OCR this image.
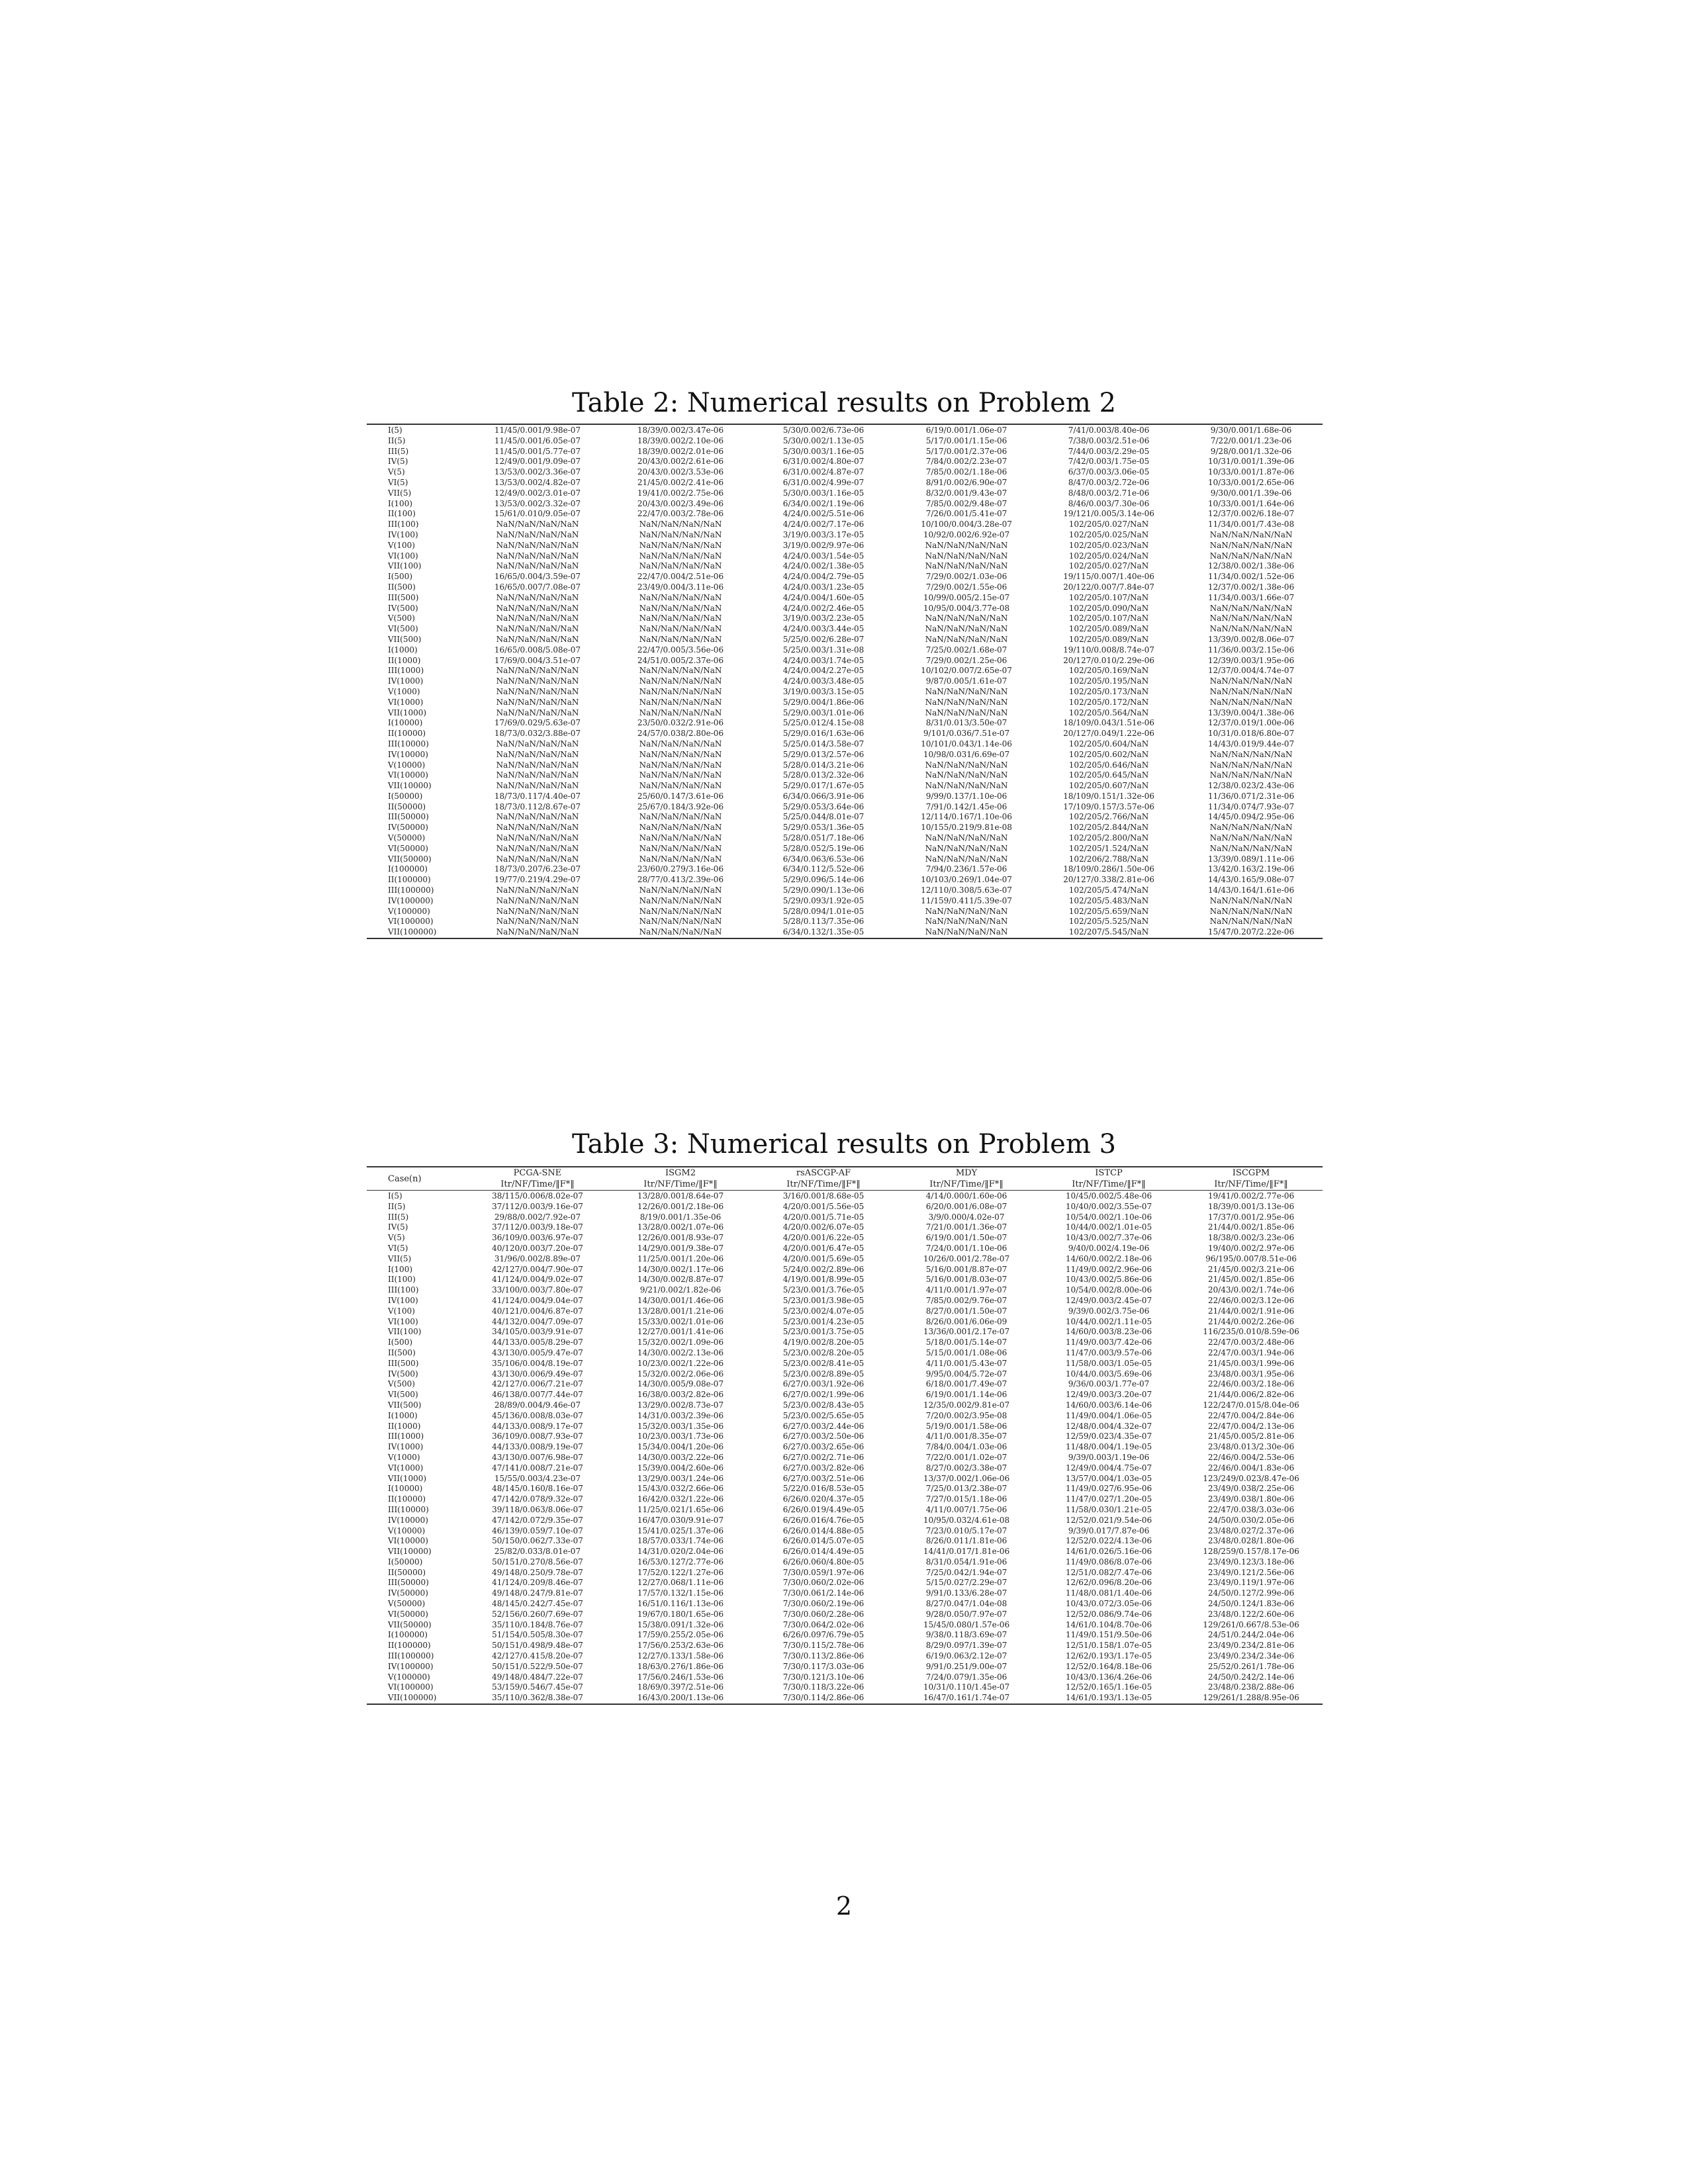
Table 2: Numerical results on Problem 2
I(5)	11/45/0.001/9.98e-07	18/39/0.002/3.47e-06	5/30/0.002/6.73e-06	6/19/0.001/1.06e-07	7/41/0.003/8.40e-06	9/30/0.001/1.68e-06
II(5)	11/45/0.001/6.05e-07	18/39/0.002/2.10e-06	5/30/0.002/1.13e-05	5/17/0.001/1.15e-06	7/38/0.003/2.51e-06	7/22/0.001/1.23e-06
III(5)	11/45/0.001/5.77e-07	18/39/0.002/2.01e-06	5/30/0.003/1.16e-05	5/17/0.001/2.37e-06	7/44/0.003/2.29e-05	9/28/0.001/1.32e-06
IV(5)	12/49/0.001/9.09e-07	20/43/0.002/2.61e-06	6/31/0.002/4.80e-07	7/84/0.002/2.23e-07	7/42/0.003/1.75e-05	10/31/0.001/1.39e-06
V(5)	13/53/0.002/3.36e-07	20/43/0.002/3.53e-06	6/31/0.002/4.87e-07	7/85/0.002/1.18e-06	6/37/0.003/3.06e-05	10/33/0.001/1.87e-06
VI(5)	13/53/0.002/4.82e-07	21/45/0.002/2.41e-06	6/31/0.002/4.99e-07	8/91/0.002/6.90e-07	8/47/0.003/2.72e-06	10/33/0.001/2.65e-06
VII(5)	12/49/0.002/3.01e-07	19/41/0.002/2.75e-06	5/30/0.003/1.16e-05	8/32/0.001/9.43e-07	8/48/0.003/2.71e-06	9/30/0.001/1.39e-06
I(100)	13/53/0.002/3.32e-07	20/43/0.002/3.49e-06	6/34/0.002/1.19e-06	7/85/0.002/9.48e-07	8/46/0.003/7.30e-06	10/33/0.001/1.64e-06
II(100)	15/61/0.010/9.05e-07	22/47/0.003/2.78e-06	4/24/0.002/5.51e-06	7/26/0.001/5.41e-07	19/121/0.005/3.14e-06	12/37/0.002/6.18e-07
III(100)	NaN/NaN/NaN/NaN	NaN/NaN/NaN/NaN	4/24/0.002/7.17e-06	10/100/0.004/3.28e-07	102/205/0.027/NaN	11/34/0.001/7.43e-08
IV(100)	NaN/NaN/NaN/NaN	NaN/NaN/NaN/NaN	3/19/0.003/3.17e-05	10/92/0.002/6.92e-07	102/205/0.025/NaN	NaN/NaN/NaN/NaN
V(100)	NaN/NaN/NaN/NaN	NaN/NaN/NaN/NaN	3/19/0.002/9.97e-06	NaN/NaN/NaN/NaN	102/205/0.023/NaN	NaN/NaN/NaN/NaN
VI(100)	NaN/NaN/NaN/NaN	NaN/NaN/NaN/NaN	4/24/0.003/1.54e-05	NaN/NaN/NaN/NaN	102/205/0.024/NaN	NaN/NaN/NaN/NaN
VII(100)	NaN/NaN/NaN/NaN	NaN/NaN/NaN/NaN	4/24/0.002/1.38e-05	NaN/NaN/NaN/NaN	102/205/0.027/NaN	12/38/0.002/1.38e-06
I(500)	16/65/0.004/3.59e-07	22/47/0.004/2.51e-06	4/24/0.004/2.79e-05	7/29/0.002/1.03e-06	19/115/0.007/1.40e-06	11/34/0.002/1.52e-06
II(500)	16/65/0.007/7.08e-07	23/49/0.004/3.11e-06	4/24/0.003/1.23e-05	7/29/0.002/1.55e-06	20/122/0.007/7.84e-07	12/37/0.002/1.38e-06
III(500)	NaN/NaN/NaN/NaN	NaN/NaN/NaN/NaN	4/24/0.004/1.60e-05	10/99/0.005/2.15e-07	102/205/0.107/NaN	11/34/0.003/1.66e-07
IV(500)	NaN/NaN/NaN/NaN	NaN/NaN/NaN/NaN	4/24/0.002/2.46e-05	10/95/0.004/3.77e-08	102/205/0.090/NaN	NaN/NaN/NaN/NaN
V(500)	NaN/NaN/NaN/NaN	NaN/NaN/NaN/NaN	3/19/0.003/2.23e-05	NaN/NaN/NaN/NaN	102/205/0.107/NaN	NaN/NaN/NaN/NaN
VI(500)	NaN/NaN/NaN/NaN	NaN/NaN/NaN/NaN	4/24/0.003/3.44e-05	NaN/NaN/NaN/NaN	102/205/0.089/NaN	NaN/NaN/NaN/NaN
VII(500)	NaN/NaN/NaN/NaN	NaN/NaN/NaN/NaN	5/25/0.002/6.28e-07	NaN/NaN/NaN/NaN	102/205/0.089/NaN	13/39/0.002/8.06e-07
I(1000)	16/65/0.008/5.08e-07	22/47/0.005/3.56e-06	5/25/0.003/1.31e-08	7/25/0.002/1.68e-07	19/110/0.008/8.74e-07	11/36/0.003/2.15e-06
II(1000)	17/69/0.004/3.51e-07	24/51/0.005/2.37e-06	4/24/0.003/1.74e-05	7/29/0.002/1.25e-06	20/127/0.010/2.29e-06	12/39/0.003/1.95e-06
III(1000)	NaN/NaN/NaN/NaN	NaN/NaN/NaN/NaN	4/24/0.004/2.27e-05	10/102/0.007/2.65e-07	102/205/0.169/NaN	12/37/0.004/4.74e-07
IV(1000)	NaN/NaN/NaN/NaN	NaN/NaN/NaN/NaN	4/24/0.003/3.48e-05	9/87/0.005/1.61e-07	102/205/0.195/NaN	NaN/NaN/NaN/NaN
V(1000)	NaN/NaN/NaN/NaN	NaN/NaN/NaN/NaN	3/19/0.003/3.15e-05	NaN/NaN/NaN/NaN	102/205/0.173/NaN	NaN/NaN/NaN/NaN
VI(1000)	NaN/NaN/NaN/NaN	NaN/NaN/NaN/NaN	5/29/0.004/1.86e-06	NaN/NaN/NaN/NaN	102/205/0.172/NaN	NaN/NaN/NaN/NaN
VII(1000)	NaN/NaN/NaN/NaN	NaN/NaN/NaN/NaN	5/29/0.003/1.01e-06	NaN/NaN/NaN/NaN	102/205/0.564/NaN	13/39/0.004/1.38e-06
I(10000)	17/69/0.029/5.63e-07	23/50/0.032/2.91e-06	5/25/0.012/4.15e-08	8/31/0.013/3.50e-07	18/109/0.043/1.51e-06	12/37/0.019/1.00e-06
II(10000)	18/73/0.032/3.88e-07	24/57/0.038/2.80e-06	5/29/0.016/1.63e-06	9/101/0.036/7.51e-07	20/127/0.049/1.22e-06	10/31/0.018/6.80e-07
III(10000)	NaN/NaN/NaN/NaN	NaN/NaN/NaN/NaN	5/25/0.014/3.58e-07	10/101/0.043/1.14e-06	102/205/0.604/NaN	14/43/0.019/9.44e-07
IV(10000)	NaN/NaN/NaN/NaN	NaN/NaN/NaN/NaN	5/29/0.013/2.57e-06	10/98/0.031/6.69e-07	102/205/0.602/NaN	NaN/NaN/NaN/NaN
V(10000)	NaN/NaN/NaN/NaN	NaN/NaN/NaN/NaN	5/28/0.014/3.21e-06	NaN/NaN/NaN/NaN	102/205/0.646/NaN	NaN/NaN/NaN/NaN
VI(10000)	NaN/NaN/NaN/NaN	NaN/NaN/NaN/NaN	5/28/0.013/2.32e-06	NaN/NaN/NaN/NaN	102/205/0.645/NaN	NaN/NaN/NaN/NaN
VII(10000)	NaN/NaN/NaN/NaN	NaN/NaN/NaN/NaN	5/29/0.017/1.67e-05	NaN/NaN/NaN/NaN	102/205/0.607/NaN	12/38/0.023/2.43e-06
I(50000)	18/73/0.117/4.40e-07	25/60/0.147/3.61e-06	6/34/0.066/3.91e-06	9/99/0.137/1.10e-06	18/109/0.151/1.32e-06	11/36/0.071/2.31e-06
II(50000)	18/73/0.112/8.67e-07	25/67/0.184/3.92e-06	5/29/0.053/3.64e-06	7/91/0.142/1.45e-06	17/109/0.157/3.57e-06	11/34/0.074/7.93e-07
III(50000)	NaN/NaN/NaN/NaN	NaN/NaN/NaN/NaN	5/25/0.044/8.01e-07	12/114/0.167/1.10e-06	102/205/2.766/NaN	14/45/0.094/2.95e-06
IV(50000)	NaN/NaN/NaN/NaN	NaN/NaN/NaN/NaN	5/29/0.053/1.36e-05	10/155/0.219/9.81e-08	102/205/2.844/NaN	NaN/NaN/NaN/NaN
V(50000)	NaN/NaN/NaN/NaN	NaN/NaN/NaN/NaN	5/28/0.051/7.18e-06	NaN/NaN/NaN/NaN	102/205/2.800/NaN	NaN/NaN/NaN/NaN
VI(50000)	NaN/NaN/NaN/NaN	NaN/NaN/NaN/NaN	5/28/0.052/5.19e-06	NaN/NaN/NaN/NaN	102/205/1.524/NaN	NaN/NaN/NaN/NaN
VII(50000)	NaN/NaN/NaN/NaN	NaN/NaN/NaN/NaN	6/34/0.063/6.53e-06	NaN/NaN/NaN/NaN	102/206/2.788/NaN	13/39/0.089/1.11e-06
I(100000)	18/73/0.207/6.23e-07	23/60/0.279/3.16e-06	6/34/0.112/5.52e-06	7/94/0.236/1.57e-06	18/109/0.286/1.50e-06	13/42/0.163/2.19e-06
II(100000)	19/77/0.219/4.29e-07	28/77/0.413/2.39e-06	5/29/0.096/5.14e-06	10/103/0.269/1.04e-07	20/127/0.338/2.81e-06	14/43/0.165/9.08e-07
III(100000)	NaN/NaN/NaN/NaN	NaN/NaN/NaN/NaN	5/29/0.090/1.13e-06	12/110/0.308/5.63e-07	102/205/5.474/NaN	14/43/0.164/1.61e-06
IV(100000)	NaN/NaN/NaN/NaN	NaN/NaN/NaN/NaN	5/29/0.093/1.92e-05	11/159/0.411/5.39e-07	102/205/5.483/NaN	NaN/NaN/NaN/NaN
V(100000)	NaN/NaN/NaN/NaN	NaN/NaN/NaN/NaN	5/28/0.094/1.01e-05	NaN/NaN/NaN/NaN	102/205/5.659/NaN	NaN/NaN/NaN/NaN
VI(100000)	NaN/NaN/NaN/NaN	NaN/NaN/NaN/NaN	5/28/0.113/7.35e-06	NaN/NaN/NaN/NaN	102/205/5.525/NaN	NaN/NaN/NaN/NaN
VII(100000)	NaN/NaN/NaN/NaN	NaN/NaN/NaN/NaN	6/34/0.132/1.35e-05	NaN/NaN/NaN/NaN	102/207/5.545/NaN	15/47/0.207/2.22e-06
Table 3: Numerical results on Problem 3
Case(n)	PCGA-SNE	ISGM2	rsASCGP-AF	MDY	ISTCP	ISCGPM
	Itr/NF/Time/‖F*‖	Itr/NF/Time/‖F*‖	Itr/NF/Time/‖F*‖	Itr/NF/Time/‖F*‖	Itr/NF/Time/‖F*‖	Itr/NF/Time/‖F*‖
I(5)	38/115/0.006/8.02e-07	13/28/0.001/8.64e-07	3/16/0.001/8.68e-05	4/14/0.000/1.60e-06	10/45/0.002/5.48e-06	19/41/0.002/2.77e-06
II(5)	37/112/0.003/9.16e-07	12/26/0.001/2.18e-06	4/20/0.001/5.56e-05	6/20/0.001/6.08e-07	10/40/0.002/3.55e-07	18/39/0.001/3.13e-06
III(5)	29/88/0.002/7.92e-07	8/19/0.001/1.35e-06	4/20/0.001/5.71e-05	3/9/0.000/4.02e-07	10/54/0.002/1.10e-06	17/37/0.001/2.95e-06
IV(5)	37/112/0.003/9.18e-07	13/28/0.002/1.07e-06	4/20/0.002/6.07e-05	7/21/0.001/1.36e-07	10/44/0.002/1.01e-05	21/44/0.002/1.85e-06
V(5)	36/109/0.003/6.97e-07	12/26/0.001/8.93e-07	4/20/0.001/6.22e-05	6/19/0.001/1.50e-07	10/43/0.002/7.37e-06	18/38/0.002/3.23e-06
VI(5)	40/120/0.003/7.20e-07	14/29/0.001/9.38e-07	4/20/0.001/6.47e-05	7/24/0.001/1.10e-06	9/40/0.002/4.19e-06	19/40/0.002/2.97e-06
VII(5)	31/96/0.002/8.89e-07	11/25/0.001/1.20e-06	4/20/0.001/5.69e-05	10/26/0.001/2.78e-07	14/60/0.002/2.18e-06	96/195/0.007/8.51e-06
I(100)	42/127/0.004/7.90e-07	14/30/0.002/1.17e-06	5/24/0.002/2.89e-06	5/16/0.001/8.87e-07	11/49/0.002/2.96e-06	21/45/0.002/3.21e-06
II(100)	41/124/0.004/9.02e-07	14/30/0.002/8.87e-07	4/19/0.001/8.99e-05	5/16/0.001/8.03e-07	10/43/0.002/5.86e-06	21/45/0.002/1.85e-06
III(100)	33/100/0.003/7.80e-07	9/21/0.002/1.82e-06	5/23/0.001/3.76e-05	4/11/0.001/1.97e-07	10/54/0.002/8.00e-06	20/43/0.002/1.74e-06
IV(100)	41/124/0.004/9.04e-07	14/30/0.001/1.46e-06	5/23/0.001/3.98e-05	7/85/0.002/9.76e-07	12/49/0.003/2.45e-07	22/46/0.002/3.12e-06
V(100)	40/121/0.004/6.87e-07	13/28/0.001/1.21e-06	5/23/0.002/4.07e-05	8/27/0.001/1.50e-07	9/39/0.002/3.75e-06	21/44/0.002/1.91e-06
VI(100)	44/132/0.004/7.09e-07	15/33/0.002/1.01e-06	5/23/0.001/4.23e-05	8/26/0.001/6.06e-09	10/44/0.002/1.11e-05	21/44/0.002/2.26e-06
VII(100)	34/105/0.003/9.91e-07	12/27/0.001/1.41e-06	5/23/0.001/3.75e-05	13/36/0.001/2.17e-07	14/60/0.003/8.23e-06	116/235/0.010/8.59e-06
I(500)	44/133/0.005/8.29e-07	15/32/0.002/1.09e-06	4/19/0.002/8.20e-05	5/18/0.001/5.14e-07	11/49/0.003/7.42e-06	22/47/0.003/2.48e-06
II(500)	43/130/0.005/9.47e-07	14/30/0.002/2.13e-06	5/23/0.002/8.20e-05	5/15/0.001/1.08e-06	11/47/0.003/9.57e-06	22/47/0.003/1.94e-06
III(500)	35/106/0.004/8.19e-07	10/23/0.002/1.22e-06	5/23/0.002/8.41e-05	4/11/0.001/5.43e-07	11/58/0.003/1.05e-05	21/45/0.003/1.99e-06
IV(500)	43/130/0.006/9.49e-07	15/32/0.002/2.06e-06	5/23/0.002/8.89e-05	9/95/0.004/5.72e-07	10/44/0.003/5.69e-06	23/48/0.003/1.95e-06
V(500)	42/127/0.006/7.21e-07	14/30/0.005/9.08e-07	6/27/0.003/1.92e-06	6/18/0.001/7.49e-07	9/36/0.003/1.77e-07	22/46/0.003/2.18e-06
VI(500)	46/138/0.007/7.44e-07	16/38/0.003/2.82e-06	6/27/0.002/1.99e-06	6/19/0.001/1.14e-06	12/49/0.003/3.20e-07	21/44/0.006/2.82e-06
VII(500)	28/89/0.004/9.46e-07	13/29/0.002/8.73e-07	5/23/0.002/8.43e-05	12/35/0.002/9.81e-07	14/60/0.003/6.14e-06	122/247/0.015/8.04e-06
I(1000)	45/136/0.008/8.03e-07	14/31/0.003/2.39e-06	5/23/0.002/5.65e-05	7/20/0.002/3.95e-08	11/49/0.004/1.06e-05	22/47/0.004/2.84e-06
II(1000)	44/133/0.008/9.17e-07	15/32/0.003/1.35e-06	6/27/0.003/2.44e-06	5/19/0.001/1.58e-06	12/48/0.004/4.32e-07	22/47/0.004/2.13e-06
III(1000)	36/109/0.008/7.93e-07	10/23/0.003/1.73e-06	6/27/0.003/2.50e-06	4/11/0.001/8.35e-07	12/59/0.023/4.35e-07	21/45/0.005/2.81e-06
IV(1000)	44/133/0.008/9.19e-07	15/34/0.004/1.20e-06	6/27/0.003/2.65e-06	7/84/0.004/1.03e-06	11/48/0.004/1.19e-05	23/48/0.013/2.30e-06
V(1000)	43/130/0.007/6.98e-07	14/30/0.003/2.22e-06	6/27/0.002/2.71e-06	7/22/0.001/1.02e-07	9/39/0.003/1.19e-06	22/46/0.004/2.53e-06
VI(1000)	47/141/0.008/7.21e-07	15/39/0.004/2.60e-06	6/27/0.003/2.82e-06	8/27/0.002/3.38e-07	12/49/0.004/4.75e-07	22/46/0.004/1.83e-06
VII(1000)	15/55/0.003/4.23e-07	13/29/0.003/1.24e-06	6/27/0.003/2.51e-06	13/37/0.002/1.06e-06	13/57/0.004/1.03e-05	123/249/0.023/8.47e-06
I(10000)	48/145/0.160/8.16e-07	15/43/0.032/2.66e-06	5/22/0.016/8.53e-05	7/25/0.013/2.38e-07	11/49/0.027/6.95e-06	23/49/0.038/2.25e-06
II(10000)	47/142/0.078/9.32e-07	16/42/0.032/1.22e-06	6/26/0.020/4.37e-05	7/27/0.015/1.18e-06	11/47/0.027/1.20e-05	23/49/0.038/1.80e-06
III(10000)	39/118/0.063/8.06e-07	11/25/0.021/1.65e-06	6/26/0.019/4.49e-05	4/11/0.007/1.75e-06	11/58/0.030/1.21e-05	22/47/0.038/3.03e-06
IV(10000)	47/142/0.072/9.35e-07	16/47/0.030/9.91e-07	6/26/0.016/4.76e-05	10/95/0.032/4.61e-08	12/52/0.021/9.54e-06	24/50/0.030/2.05e-06
V(10000)	46/139/0.059/7.10e-07	15/41/0.025/1.37e-06	6/26/0.014/4.88e-05	7/23/0.010/5.17e-07	9/39/0.017/7.87e-06	23/48/0.027/2.37e-06
VI(10000)	50/150/0.062/7.33e-07	18/57/0.033/1.74e-06	6/26/0.014/5.07e-05	8/26/0.011/1.81e-06	12/52/0.022/4.13e-06	23/48/0.028/1.80e-06
VII(10000)	25/82/0.033/8.01e-07	14/31/0.020/2.04e-06	6/26/0.014/4.49e-05	14/41/0.017/1.81e-06	14/61/0.026/5.16e-06	128/259/0.157/8.17e-06
I(50000)	50/151/0.270/8.56e-07	16/53/0.127/2.77e-06	6/26/0.060/4.80e-05	8/31/0.054/1.91e-06	11/49/0.086/8.07e-06	23/49/0.123/3.18e-06
II(50000)	49/148/0.250/9.78e-07	17/52/0.122/1.27e-06	7/30/0.059/1.97e-06	7/25/0.042/1.94e-07	12/51/0.082/7.47e-06	23/49/0.121/2.56e-06
III(50000)	41/124/0.209/8.46e-07	12/27/0.068/1.11e-06	7/30/0.060/2.02e-06	5/15/0.027/2.29e-07	12/62/0.096/8.20e-06	23/49/0.119/1.97e-06
IV(50000)	49/148/0.247/9.81e-07	17/57/0.132/1.15e-06	7/30/0.061/2.14e-06	9/91/0.133/6.28e-07	11/48/0.081/1.40e-06	24/50/0.127/2.99e-06
V(50000)	48/145/0.242/7.45e-07	16/51/0.116/1.13e-06	7/30/0.060/2.19e-06	8/27/0.047/1.04e-08	10/43/0.072/3.05e-06	24/50/0.124/1.83e-06
VI(50000)	52/156/0.260/7.69e-07	19/67/0.180/1.65e-06	7/30/0.060/2.28e-06	9/28/0.050/7.97e-07	12/52/0.086/9.74e-06	23/48/0.122/2.60e-06
VII(50000)	35/110/0.184/8.76e-07	15/38/0.091/1.32e-06	7/30/0.064/2.02e-06	15/45/0.080/1.57e-06	14/61/0.104/8.70e-06	129/261/0.667/8.53e-06
I(100000)	51/154/0.505/8.30e-07	17/59/0.255/2.05e-06	6/26/0.097/6.79e-05	9/38/0.118/3.69e-07	11/49/0.151/9.50e-06	24/51/0.244/2.04e-06
II(100000)	50/151/0.498/9.48e-07	17/56/0.253/2.63e-06	7/30/0.115/2.78e-06	8/29/0.097/1.39e-07	12/51/0.158/1.07e-05	23/49/0.234/2.81e-06
III(100000)	42/127/0.415/8.20e-07	12/27/0.133/1.58e-06	7/30/0.113/2.86e-06	6/19/0.063/2.12e-07	12/62/0.193/1.17e-05	23/49/0.234/2.34e-06
IV(100000)	50/151/0.522/9.50e-07	18/63/0.276/1.86e-06	7/30/0.117/3.03e-06	9/91/0.251/9.00e-07	12/52/0.164/8.18e-06	25/52/0.261/1.78e-06
V(100000)	49/148/0.484/7.22e-07	17/56/0.246/1.53e-06	7/30/0.121/3.10e-06	7/24/0.079/1.35e-06	10/43/0.136/4.26e-06	24/50/0.242/2.14e-06
VI(100000)	53/159/0.546/7.45e-07	18/69/0.397/2.51e-06	7/30/0.118/3.22e-06	10/31/0.110/1.45e-07	12/52/0.165/1.16e-05	23/48/0.238/2.88e-06
VII(100000)	35/110/0.362/8.38e-07	16/43/0.200/1.13e-06	7/30/0.114/2.86e-06	16/47/0.161/1.74e-07	14/61/0.193/1.13e-05	129/261/1.288/8.95e-06
2
